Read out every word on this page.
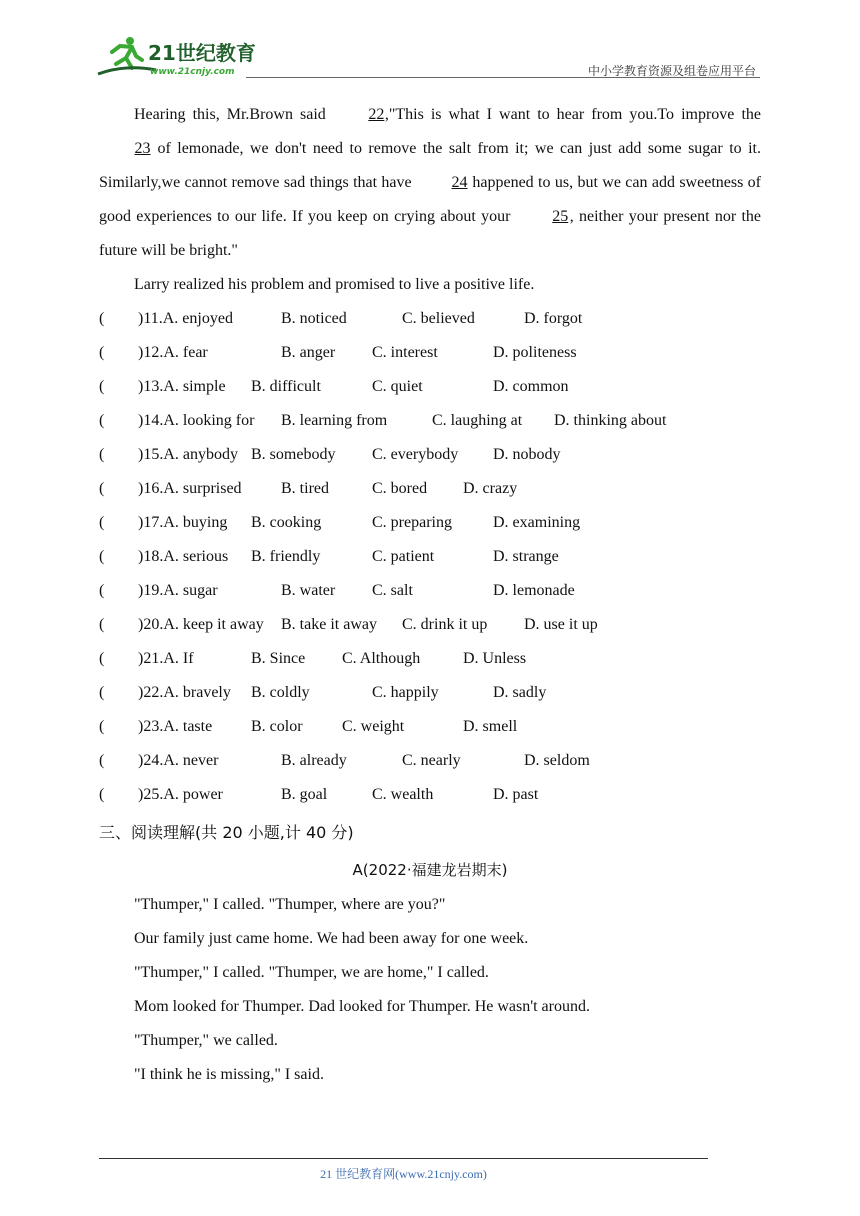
21世纪教育
www.21cnjy.com	中小学教育资源及组卷应用平台

Hearing this, Mr.Brown said 22,"This is what I want to hear from you.To improve the 23 of lemonade, we don't need to remove the salt from it; we can just add some sugar to it. Similarly,we cannot remove sad things that have 24 happened to us, but we can add sweetness of good experiences to our life. If you keep on crying about your 25, neither your present nor the future will be bright."

Larry realized his problem and promised to live a positive life.

( )11.A. enjoyed	B. noticed	C. believed	D. forgot
( )12.A. fear	B. anger C. interest	D. politeness
( )13.A. simple B. difficult	C. quiet	D. common
( )14.A. looking for B. learning from	C. laughing at D. thinking about
( )15.A. anybody B. somebody C. everybody D. nobody
( )16.A. surprised B. tired	C. bored D. crazy
( )17.A. buying B. cooking	C. preparing	D. examining
( )18.A. serious B. friendly	C. patient	D. strange
( )19.A. sugar	B. water C. salt	D. lemonade
( )20.A. keep it away B. take it away C. drink it up D. use it up
( )21.A. If	B. Since C. Although	D. Unless
( )22.A. bravely B. coldly	C. happily	D. sadly
( )23.A. taste B. color C. weight	D. smell
( )24.A. never	B. already	C. nearly	D. seldom
( )25.A. power	B. goal	C. wealth	D. past
三、阅读理解(共 20 小题,计 40 分)
A(2022·福建龙岩期末)
"Thumper," I called. "Thumper, where are you?"
Our family just came home. We had been away for one week.
"Thumper," I called. "Thumper, we are home," I called.
Mom looked for Thumper. Dad looked for Thumper. He wasn't around.
"Thumper," we called.
"I think he is missing," I said.
21 世纪教育网(www.21cnjy.com)
